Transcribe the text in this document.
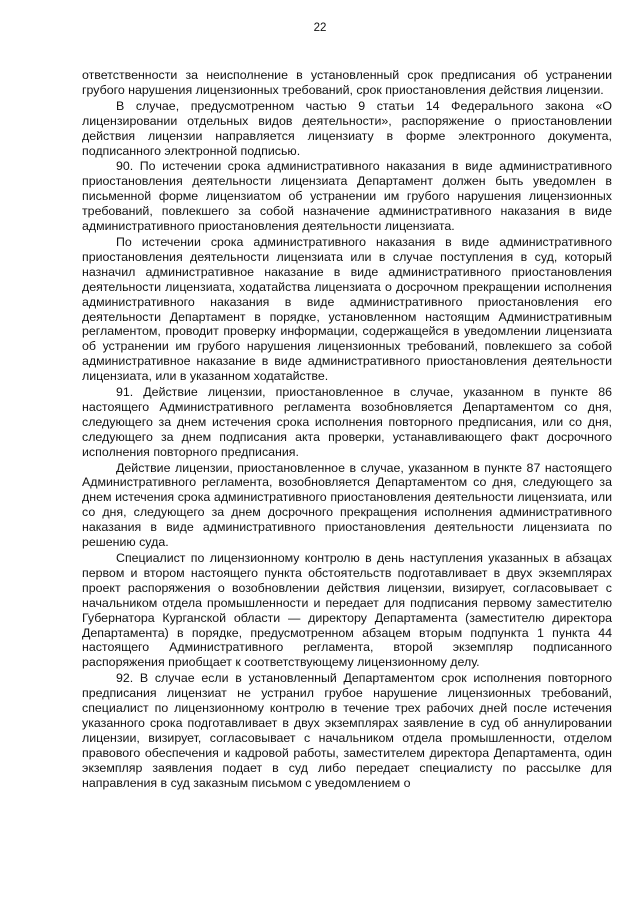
22

ответственности за неисполнение в установленный срок предписания об устранении грубого нарушения лицензионных требований, срок приостановления действия лицензии.

В случае, предусмотренном частью 9 статьи 14 Федерального закона «О лицензировании отдельных видов деятельности», распоряжение о приостановлении действия лицензии направляется лицензиату в форме электронного документа, подписанного электронной подписью.

90. По истечении срока административного наказания в виде административного приостановления деятельности лицензиата Департамент должен быть уведомлен в письменной форме лицензиатом об устранении им грубого нарушения лицензионных требований, повлекшего за собой назначение административного наказания в виде административного приостановления деятельности лицензиата.

По истечении срока административного наказания в виде административного приостановления деятельности лицензиата или в случае поступления в суд, который назначил административное наказание в виде административного приостановления деятельности лицензиата, ходатайства лицензиата о досрочном прекращении исполнения административного наказания в виде административного приостановления его деятельности Департамент в порядке, установленном настоящим Административным регламентом, проводит проверку информации, содержащейся в уведомлении лицензиата об устранении им грубого нарушения лицензионных требований, повлекшего за собой административное наказание в виде административного приостановления деятельности лицензиата, или в указанном ходатайстве.

91. Действие лицензии, приостановленное в случае, указанном в пункте 86 настоящего Административного регламента возобновляется Департаментом со дня, следующего за днем истечения срока исполнения повторного предписания, или со дня, следующего за днем подписания акта проверки, устанавливающего факт досрочного исполнения повторного предписания.

Действие лицензии, приостановленное в случае, указанном в пункте 87 настоящего Административного регламента, возобновляется Департаментом со дня, следующего за днем истечения срока административного приостановления деятельности лицензиата, или со дня, следующего за днем досрочного прекращения исполнения административного наказания в виде административного приостановления деятельности лицензиата по решению суда.

Специалист по лицензионному контролю в день наступления указанных в абзацах первом и втором настоящего пункта обстоятельств подготавливает в двух экземплярах проект распоряжения о возобновлении действия лицензии, визирует, согласовывает с начальником отдела промышленности и передает для подписания первому заместителю Губернатора Курганской области — директору Департамента (заместителю директора Департамента) в порядке, предусмотренном абзацем вторым подпункта 1 пункта 44 настоящего Административного регламента, второй экземпляр подписанного распоряжения приобщает к соответствующему лицензионному делу.

92. В случае если в установленный Департаментом срок исполнения повторного предписания лицензиат не устранил грубое нарушение лицензионных требований, специалист по лицензионному контролю в течение трех рабочих дней после истечения указанного срока подготавливает в двух экземплярах заявление в суд об аннулировании лицензии, визирует, согласовывает с начальником отдела промышленности, отделом правового обеспечения и кадровой работы, заместителем директора Департамента, один экземпляр заявления подает в суд либо передает специалисту по рассылке для направления в суд заказным письмом с уведомлением о
